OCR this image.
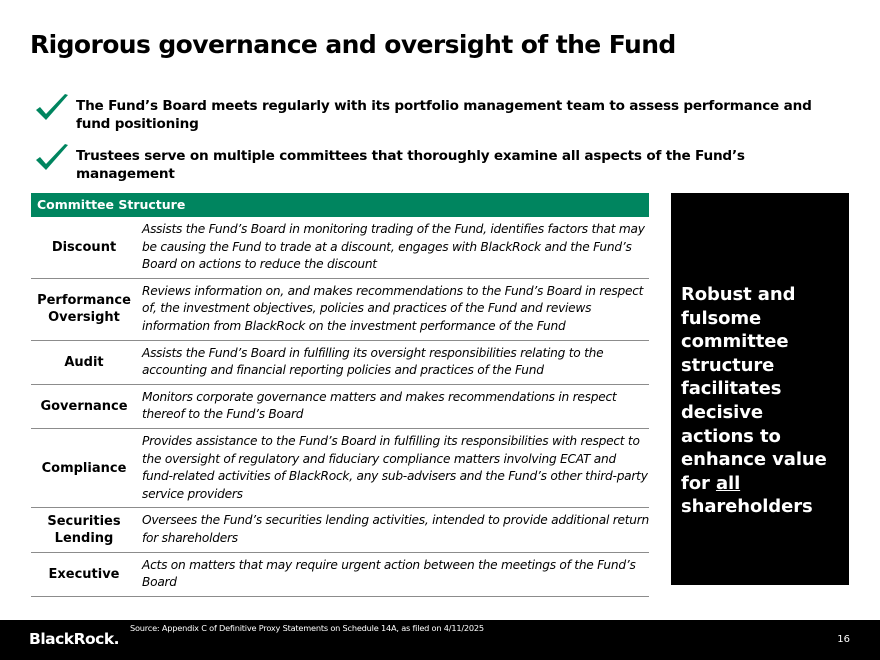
Rigorous governance and oversight of the Fund
The Fund’s Board meets regularly with its portfolio management team to assess performance and fund positioning
Trustees serve on multiple committees that thoroughly examine all aspects of the Fund’s management
Committee Structure
Discount
Assists the Fund’s Board in monitoring trading of the Fund, identifies factors that may be causing the Fund to trade at a discount, engages with BlackRock and the Fund’s Board on actions to reduce the discount
Performance Oversight
Reviews information on, and makes recommendations to the Fund’s Board in respect of, the investment objectives, policies and practices of the Fund and reviews information from BlackRock on the investment performance of the Fund
Audit
Assists the Fund’s Board in fulfilling its oversight responsibilities relating to the accounting and financial reporting policies and practices of the Fund
Governance
Monitors corporate governance matters and makes recommendations in respect thereof to the Fund’s Board
Compliance
Provides assistance to the Fund’s Board in fulfilling its responsibilities with respect to the oversight of regulatory and fiduciary compliance matters involving ECAT and fund-related activities of BlackRock, any sub-advisers and the Fund’s other third-party service providers
Securities Lending
Oversees the Fund’s securities lending activities, intended to provide additional return for shareholders
Executive
Acts on matters that may require urgent action between the meetings of the Fund’s Board
Robust and fulsome committee structure facilitates decisive actions to enhance value for all shareholders
Source: Appendix C of Definitive Proxy Statements on Schedule 14A, as filed on 4/11/2025
BlackRock.	16
